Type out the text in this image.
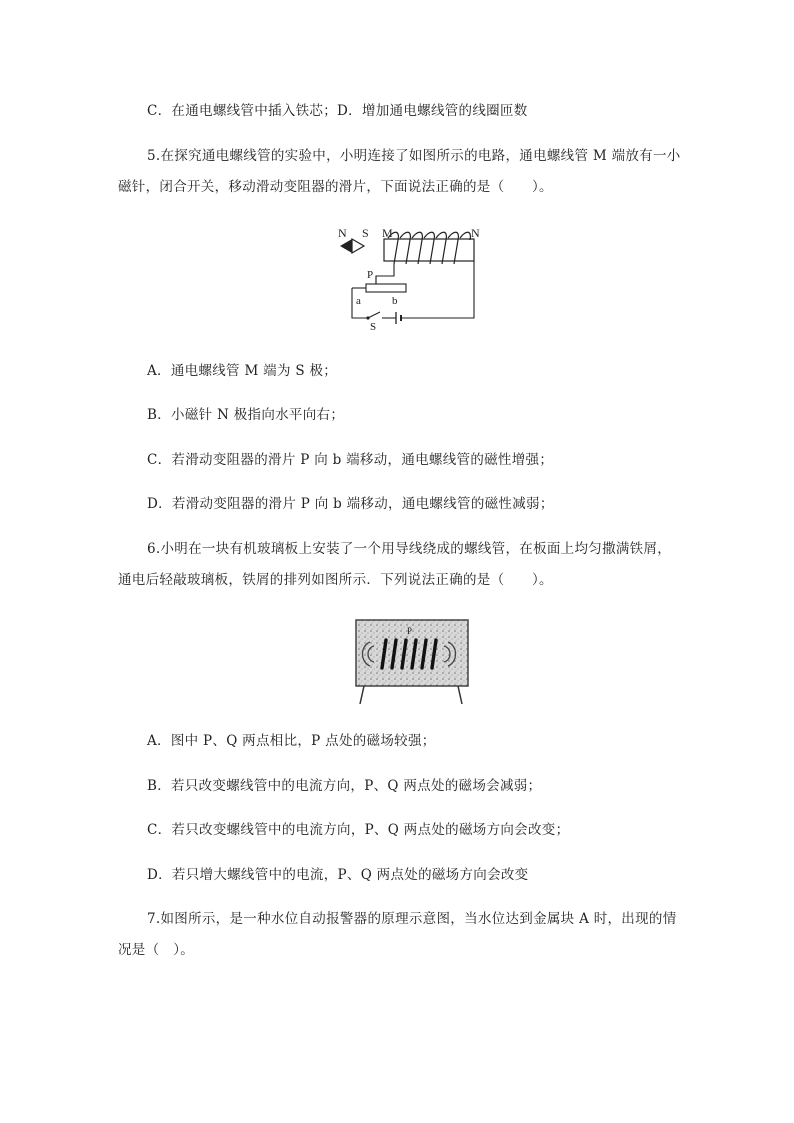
C．在通电螺线管中插入铁芯；D．增加通电螺线管的线圈匝数
5.在探究通电螺线管的实验中，小明连接了如图所示的电路，通电螺线管 M 端放有一小
磁针，闭合开关，移动滑动变阻器的滑片，下面说法正确的是（　　）。
N S M	N
P
a	b
S
A．通电螺线管 M 端为 S 极；
B．小磁针 N 极指向水平向右；
C．若滑动变阻器的滑片 P 向 b 端移动，通电螺线管的磁性增强；
D．若滑动变阻器的滑片 P 向 b 端移动，通电螺线管的磁性减弱；
6.小明在一块有机玻璃板上安装了一个用导线绕成的螺线管，在板面上均匀撒满铁屑，
通电后轻敲玻璃板，铁屑的排列如图所示．下列说法正确的是（　　）。
P
A．图中 P、Q 两点相比，P 点处的磁场较强；
B．若只改变螺线管中的电流方向，P、Q 两点处的磁场会减弱；
C．若只改变螺线管中的电流方向，P、Q 两点处的磁场方向会改变；
D．若只增大螺线管中的电流，P、Q 两点处的磁场方向会改变
7.如图所示，是一种水位自动报警器的原理示意图，当水位达到金属块 A 时，出现的情
况是（　）。
